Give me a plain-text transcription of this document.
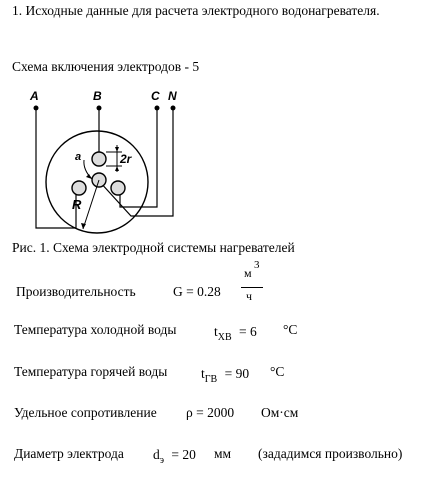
1. Исходные данные для расчета электродного водонагревателя.
Схема включения электродов - 5
A	B	C N
2r
a
R
Рис. 1. Схема электродной системы нагревателей
Производительность	G = 0.28
м
3
ч
Температура холодной воды	$t_{ХВ} = 6$ °C
Температура горячей воды $t_{ГВ} = 90$ °C
Удельное сопротивление ρ = 2000 Ом·см
Диаметр электрода $d_э = 20$ мм (зададимся произвольно)
